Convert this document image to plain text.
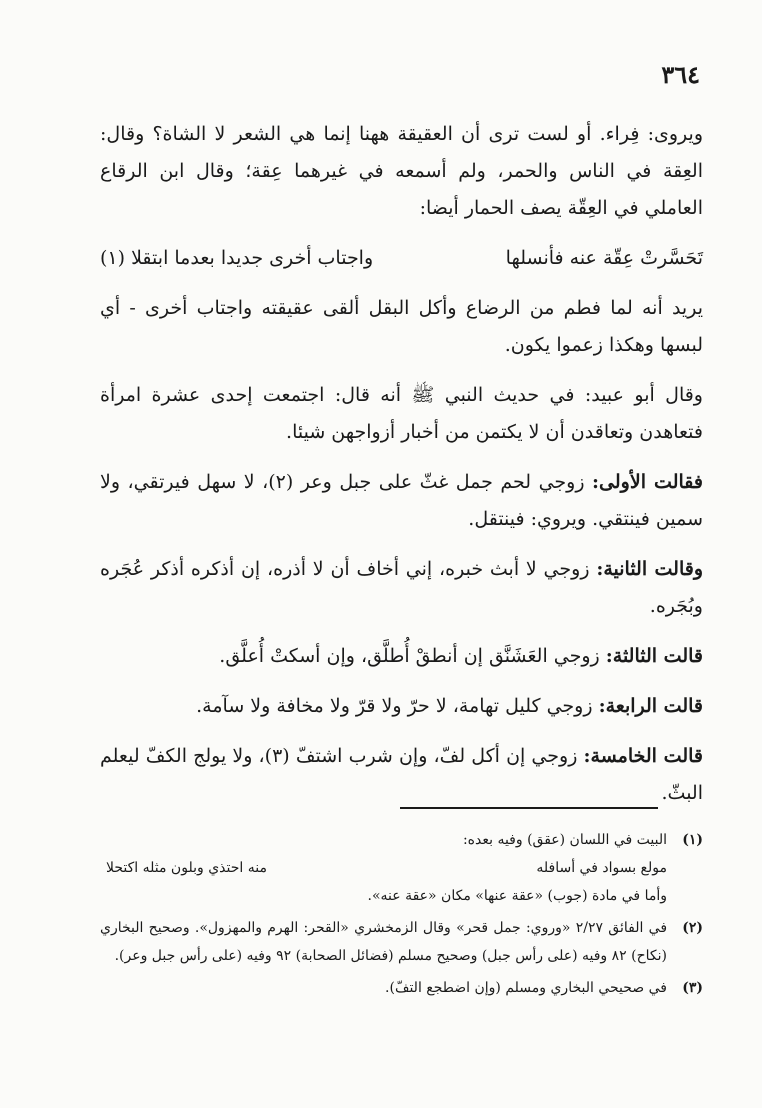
٣٦٤

ويروى: فِراء. أو لست ترى أن العقيقة ههنا إنما هي الشعر لا الشاة؟ وقال: العِقة في الناس والحمر، ولم أسمعه في غيرهما عِقة؛ وقال ابن الرقاع العاملي في العِقّة يصف الحمار أيضا:

تَحَسَّرتْ عِقّة عنه فأنسلها
واجتاب أخرى جديدا بعدما ابتقلا (١)

يريد أنه لما فطم من الرضاع وأكل البقل ألقى عقيقته واجتاب أخرى - أي لبسها وهكذا زعموا يكون.

وقال أبو عبيد: في حديث النبي ﷺ أنه قال: اجتمعت إحدى عشرة امرأة فتعاهدن وتعاقدن أن لا يكتمن من أخبار أزواجهن شيئا.

فقالت الأولى: زوجي لحم جمل غثّ على جبل وعر (٢)، لا سهل فيرتقي، ولا سمين فينتقي. ويروي: فينتقل.

وقالت الثانية: زوجي لا أبث خبره، إني أخاف أن لا أذره، إن أذكره أذكر عُجَره وبُجَره.

قالت الثالثة: زوجي العَشَنَّق إن أنطقْ أُطلَّق، وإن أسكتْ أُعلَّق.

قالت الرابعة: زوجي كليل تهامة، لا حرّ ولا قرّ ولا مخافة ولا سآمة.

قالت الخامسة: زوجي إن أكل لفّ، وإن شرب اشتفّ (٣)، ولا يولج الكفّ ليعلم البثّ.

(١)
البيت في اللسان (عقق) وفيه بعده:
مولع بسواد في أسافله
منه احتذي وبلون مثله اكتحلا
وأما في مادة (جوب) «عقة عنها» مكان «عقة عنه».
(٢)
في الفائق ٢/٢٧ «وروي: جمل قحر» وقال الزمخشري «القحر: الهرم والمهزول». وصحيح البخاري (نكاح) ٨٢ وفيه (على رأس جبل) وصحيح مسلم (فضائل الصحابة) ٩٢ وفيه (على رأس جبل وعر).
(٣)
في صحيحي البخاري ومسلم (وإن اضطجع التفّ).
